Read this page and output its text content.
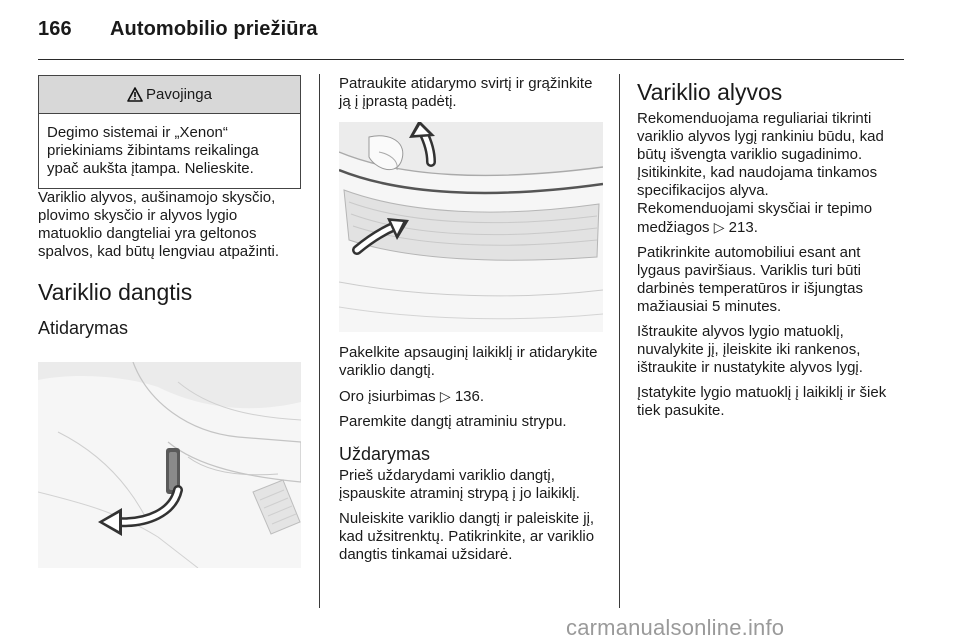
166 Automobilio priežiūra
Pavojinga
Degimo sistemai ir „Xenon“ priekiniams žibintams reikalinga ypač aukšta įtampa. Nelieskite.

Variklio alyvos, aušinamojo skysčio, plovimo skysčio ir alyvos lygio matuoklio dangteliai yra geltonos spalvos, kad būtų lengviau atpažinti.

Variklio dangtis
Atidarymas

Patraukite atidarymo svirtį ir grąžinkite ją į įprastą padėtį.

Pakelkite apsauginį laikiklį ir atidarykite variklio dangtį.

Oro įsiurbimas ▷ 136.

Paremkite dangtį atraminiu strypu.

Uždarymas

Prieš uždarydami variklio dangtį, įspauskite atraminį strypą į jo laikiklį.

Nuleiskite variklio dangtį ir paleiskite jį, kad užsitrenktų. Patikrinkite, ar variklio dangtis tinkamai užsidarė.

Variklio alyvos

Rekomenduojama reguliariai tikrinti variklio alyvos lygį rankiniu būdu, kad būtų išvengta variklio sugadinimo.
Įsitikinkite, kad naudojama tinkamos specifikacijos alyva.
Rekomenduojami skysčiai ir tepimo medžiagos ▷ 213.

Patikrinkite automobiliui esant ant lygaus paviršiaus. Variklis turi būti darbinės temperatūros ir išjungtas mažiausiai 5 minutes.

Ištraukite alyvos lygio matuoklį, nuvalykite jį, įleiskite iki rankenos, ištraukite ir nustatykite alyvos lygį.

Įstatykite lygio matuoklį į laikiklį ir šiek tiek pasukite.

carmanualsonline.info
